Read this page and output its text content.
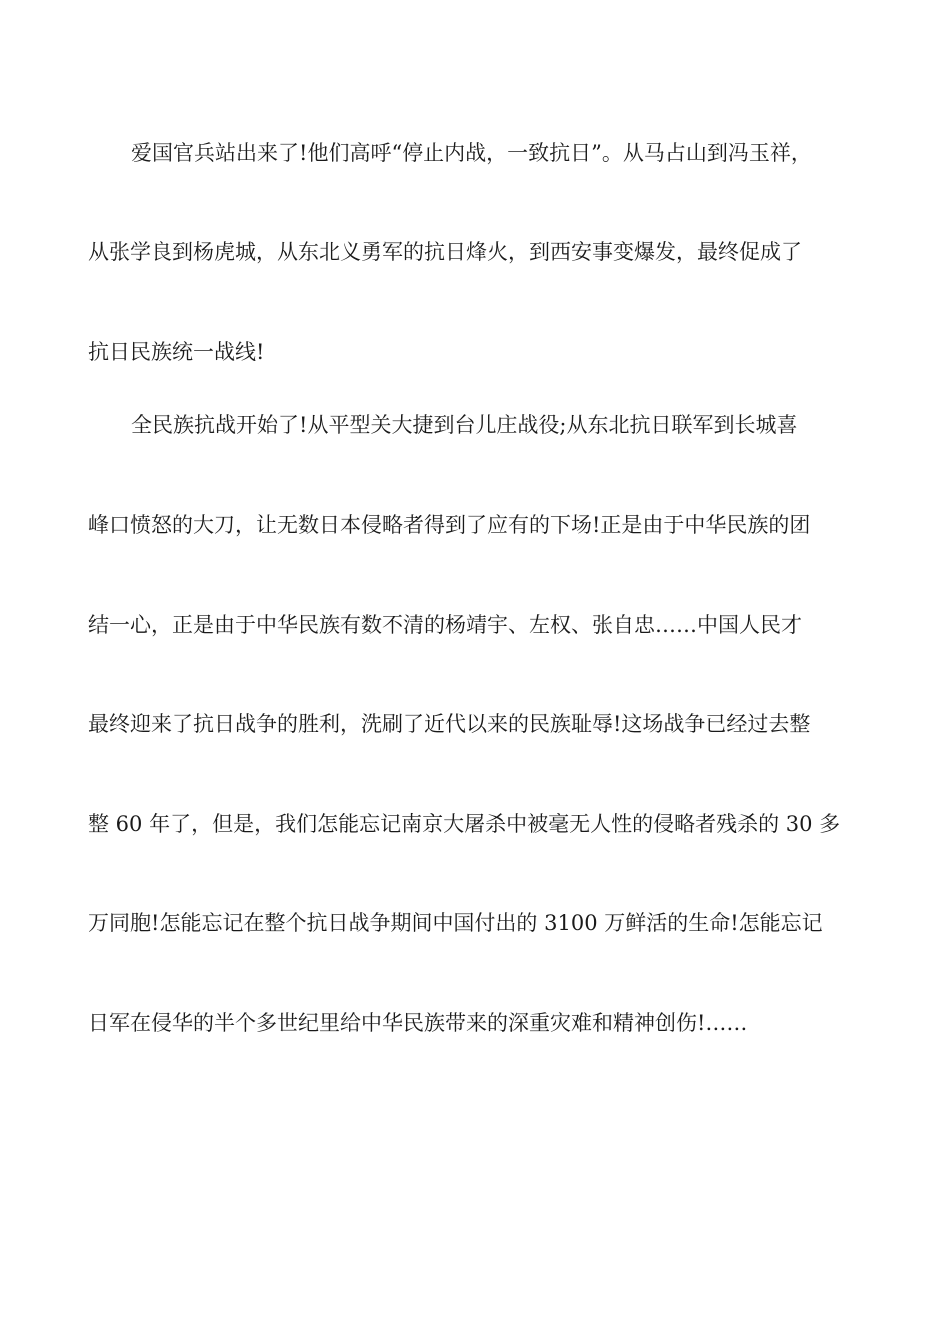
爱国官兵站出来了!他们高呼“停止内战，一致抗日”。从马占山到冯玉祥，
从张学良到杨虎城，从东北义勇军的抗日烽火，到西安事变爆发，最终促成了
抗日民族统一战线!
全民族抗战开始了!从平型关大捷到台儿庄战役;从东北抗日联军到长城喜
峰口愤怒的大刀，让无数日本侵略者得到了应有的下场!正是由于中华民族的团
结一心，正是由于中华民族有数不清的杨靖宇、左权、张自忠……中国人民才
最终迎来了抗日战争的胜利，洗刷了近代以来的民族耻辱!这场战争已经过去整
整 60 年了，但是，我们怎能忘记南京大屠杀中被毫无人性的侵略者残杀的 30 多
万同胞!怎能忘记在整个抗日战争期间中国付出的 3100 万鲜活的生命!怎能忘记
日军在侵华的半个多世纪里给中华民族带来的深重灾难和精神创伤!……
